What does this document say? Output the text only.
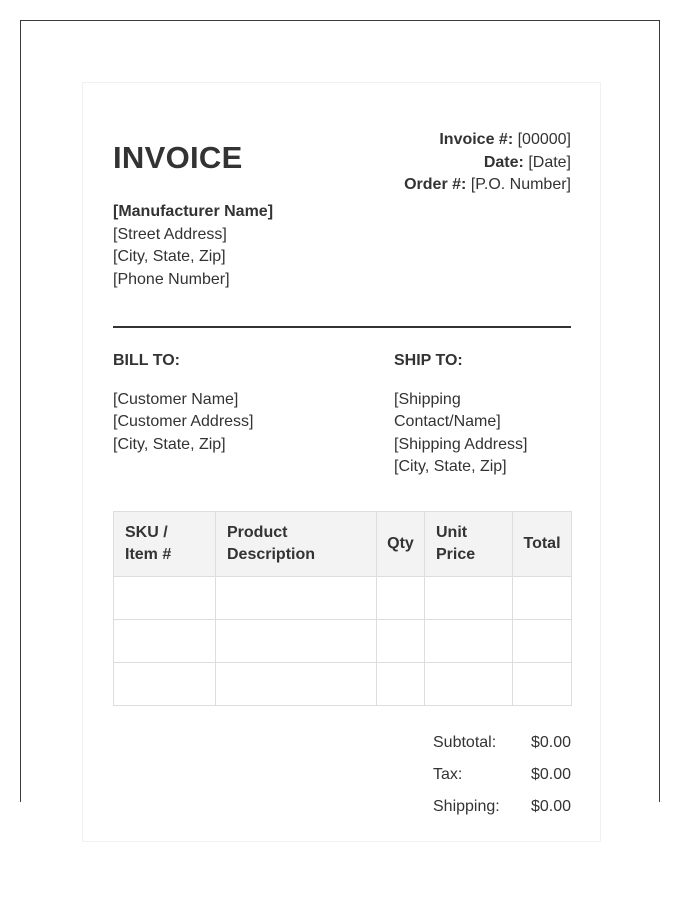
INVOICE
Invoice #: [00000]
Date: [Date]
Order #: [P.O. Number]
[Manufacturer Name]
[Street Address]
[City, State, Zip]
[Phone Number]
BILL TO:
[Customer Name]
[Customer Address]
[City, State, Zip]
SHIP TO:
[Shipping Contact/Name]
[Shipping Address]
[City, State, Zip]
SKU / Item #	Product Description	Qty	Unit Price	Total

Subtotal: $0.00
Tax:	$0.00
Shipping: $0.00
